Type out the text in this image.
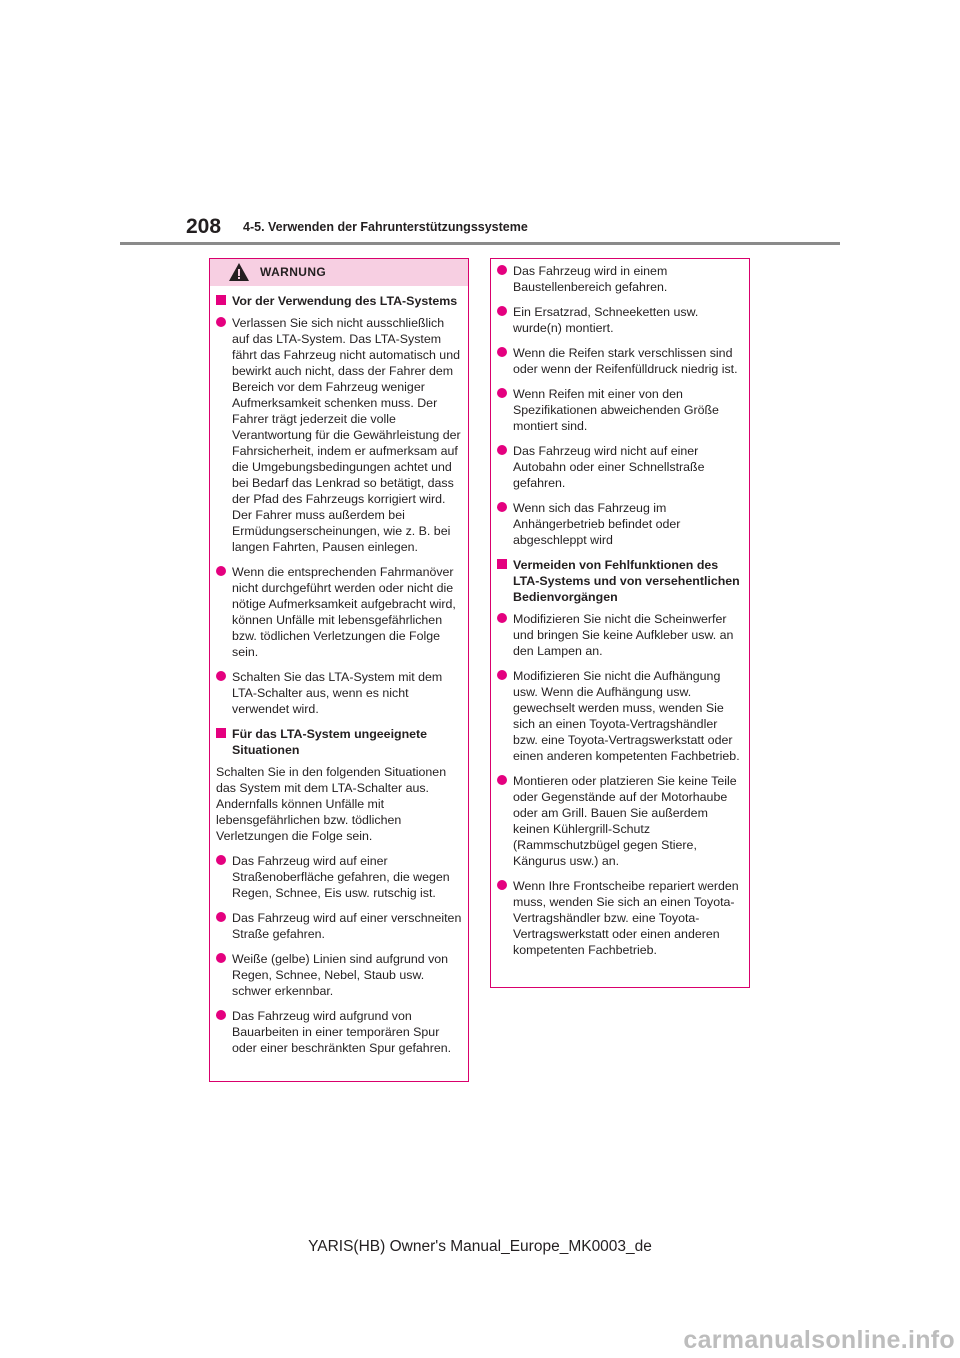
208 4-5. Verwenden der Fahrunterstützungssysteme
WARNUNG
Vor der Verwendung des LTA-Systems
Verlassen Sie sich nicht ausschließlich auf das LTA-System. Das LTA-System fährt das Fahrzeug nicht automatisch und bewirkt auch nicht, dass der Fahrer dem Bereich vor dem Fahrzeug weniger Aufmerksamkeit schenken muss. Der Fahrer trägt jederzeit die volle Verantwortung für die Gewährleistung der Fahrsicherheit, indem er aufmerksam auf die Umgebungsbedingungen achtet und bei Bedarf das Lenkrad so betätigt, dass der Pfad des Fahrzeugs korrigiert wird. Der Fahrer muss außerdem bei Ermüdungserscheinungen, wie z. B. bei langen Fahrten, Pausen einlegen.
Wenn die entsprechenden Fahrmanöver nicht durchgeführt werden oder nicht die nötige Aufmerksamkeit aufgebracht wird, können Unfälle mit lebensgefährlichen bzw. tödlichen Verletzungen die Folge sein.
Schalten Sie das LTA-System mit dem LTA-Schalter aus, wenn es nicht verwendet wird.
Für das LTA-System ungeeignete Situationen
Schalten Sie in den folgenden Situationen das System mit dem LTA-Schalter aus. Andernfalls können Unfälle mit lebensgefährlichen bzw. tödlichen Verletzungen die Folge sein.
Das Fahrzeug wird auf einer Straßenoberfläche gefahren, die wegen Regen, Schnee, Eis usw. rutschig ist.
Das Fahrzeug wird auf einer verschneiten Straße gefahren.
Weiße (gelbe) Linien sind aufgrund von Regen, Schnee, Nebel, Staub usw. schwer erkennbar.
Das Fahrzeug wird aufgrund von Bauarbeiten in einer temporären Spur oder einer beschränkten Spur gefahren.
Das Fahrzeug wird in einem Baustellenbereich gefahren.
Ein Ersatzrad, Schneeketten usw. wurde(n) montiert.
Wenn die Reifen stark verschlissen sind oder wenn der Reifenfülldruck niedrig ist.
Wenn Reifen mit einer von den Spezifikationen abweichenden Größe montiert sind.
Das Fahrzeug wird nicht auf einer Autobahn oder einer Schnellstraße gefahren.
Wenn sich das Fahrzeug im Anhängerbetrieb befindet oder abgeschleppt wird
Vermeiden von Fehlfunktionen des LTA-Systems und von versehentlichen Bedienvorgängen
Modifizieren Sie nicht die Scheinwerfer und bringen Sie keine Aufkleber usw. an den Lampen an.
Modifizieren Sie nicht die Aufhängung usw. Wenn die Aufhängung usw. gewechselt werden muss, wenden Sie sich an einen Toyota-Vertragshändler bzw. eine Toyota-Vertragswerkstatt oder einen anderen kompetenten Fachbetrieb.
Montieren oder platzieren Sie keine Teile oder Gegenstände auf der Motorhaube oder am Grill. Bauen Sie außerdem keinen Kühlergrill-Schutz (Rammschutzbügel gegen Stiere, Kängurus usw.) an.
Wenn Ihre Frontscheibe repariert werden muss, wenden Sie sich an einen Toyota-Vertragshändler bzw. eine Toyota-Vertragswerkstatt oder einen anderen kompetenten Fachbetrieb.
YARIS(HB) Owner's Manual_Europe_MK0003_de
carmanualsonline.info
